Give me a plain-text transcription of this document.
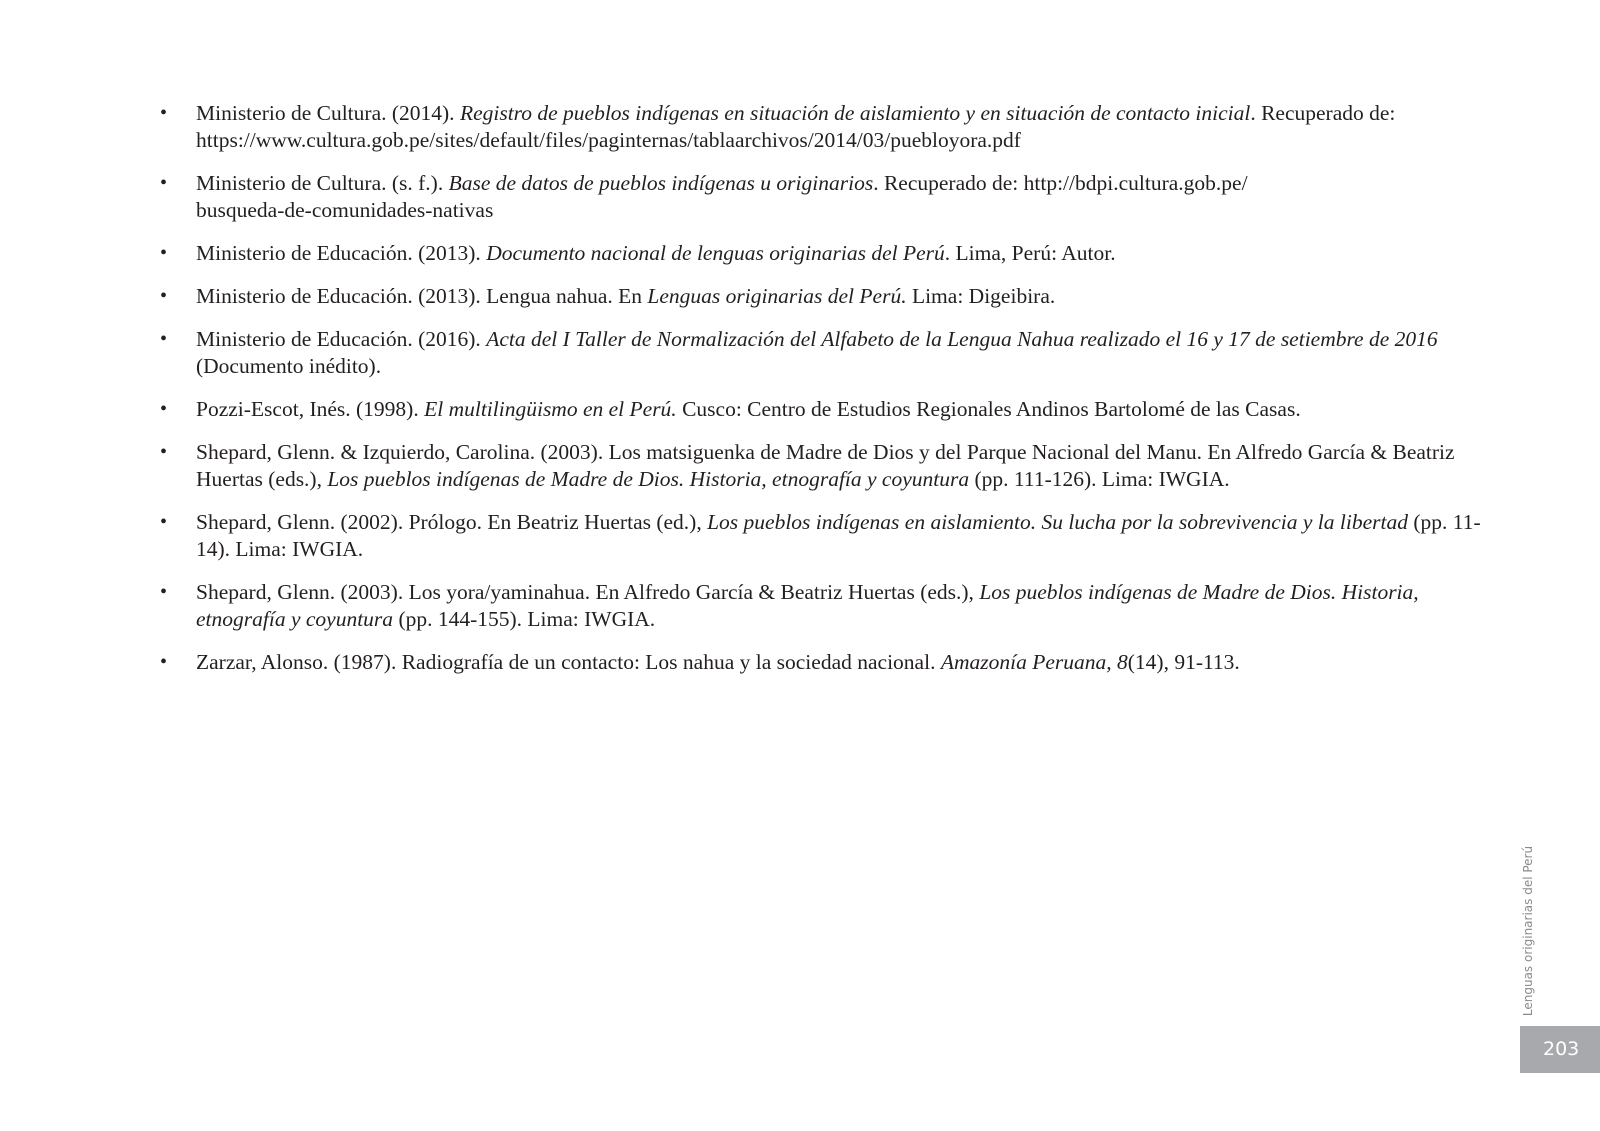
• Ministerio de Cultura. (2014). Registro de pueblos indígenas en situación de aislamiento y en situación de contacto inicial. Recuperado de: https://www.cultura.gob.pe/sites/default/files/paginternas/tablaarchivos/2014/03/puebloyora.pdf
• Ministerio de Cultura. (s. f.). Base de datos de pueblos indígenas u originarios. Recuperado de: http://bdpi.cultura.gob.pe/
busqueda-de-comunidades-nativas
• Ministerio de Educación. (2013). Documento nacional de lenguas originarias del Perú. Lima, Perú: Autor.
• Ministerio de Educación. (2013). Lengua nahua. En Lenguas originarias del Perú. Lima: Digeibira.
• Ministerio de Educación. (2016). Acta del I Taller de Normalización del Alfabeto de la Lengua Nahua realizado el 16 y 17 de setiembre de 2016 (Documento inédito).
• Pozzi-Escot, Inés. (1998). El multilingüismo en el Perú. Cusco: Centro de Estudios Regionales Andinos Bartolomé de las Casas.
• Shepard, Glenn. & Izquierdo, Carolina. (2003). Los matsiguenka de Madre de Dios y del Parque Nacional del Manu. En Alfredo García & Beatriz Huertas (eds.), Los pueblos indígenas de Madre de Dios. Historia, etnografía y coyuntura (pp. 111-126). Lima: IWGIA.
• Shepard, Glenn. (2002). Prólogo. En Beatriz Huertas (ed.), Los pueblos indígenas en aislamiento. Su lucha por la sobrevivencia y la libertad (pp. 11-14). Lima: IWGIA.
• Shepard, Glenn. (2003). Los yora/yaminahua. En Alfredo García & Beatriz Huertas (eds.), Los pueblos indígenas de Madre de Dios. Historia, etnografía y coyuntura (pp. 144-155). Lima: IWGIA.
• Zarzar, Alonso. (1987). Radiografía de un contacto: Los nahua y la sociedad nacional. Amazonía Peruana, 8(14), 91-113.
Lenguas originarias del Perú
203
